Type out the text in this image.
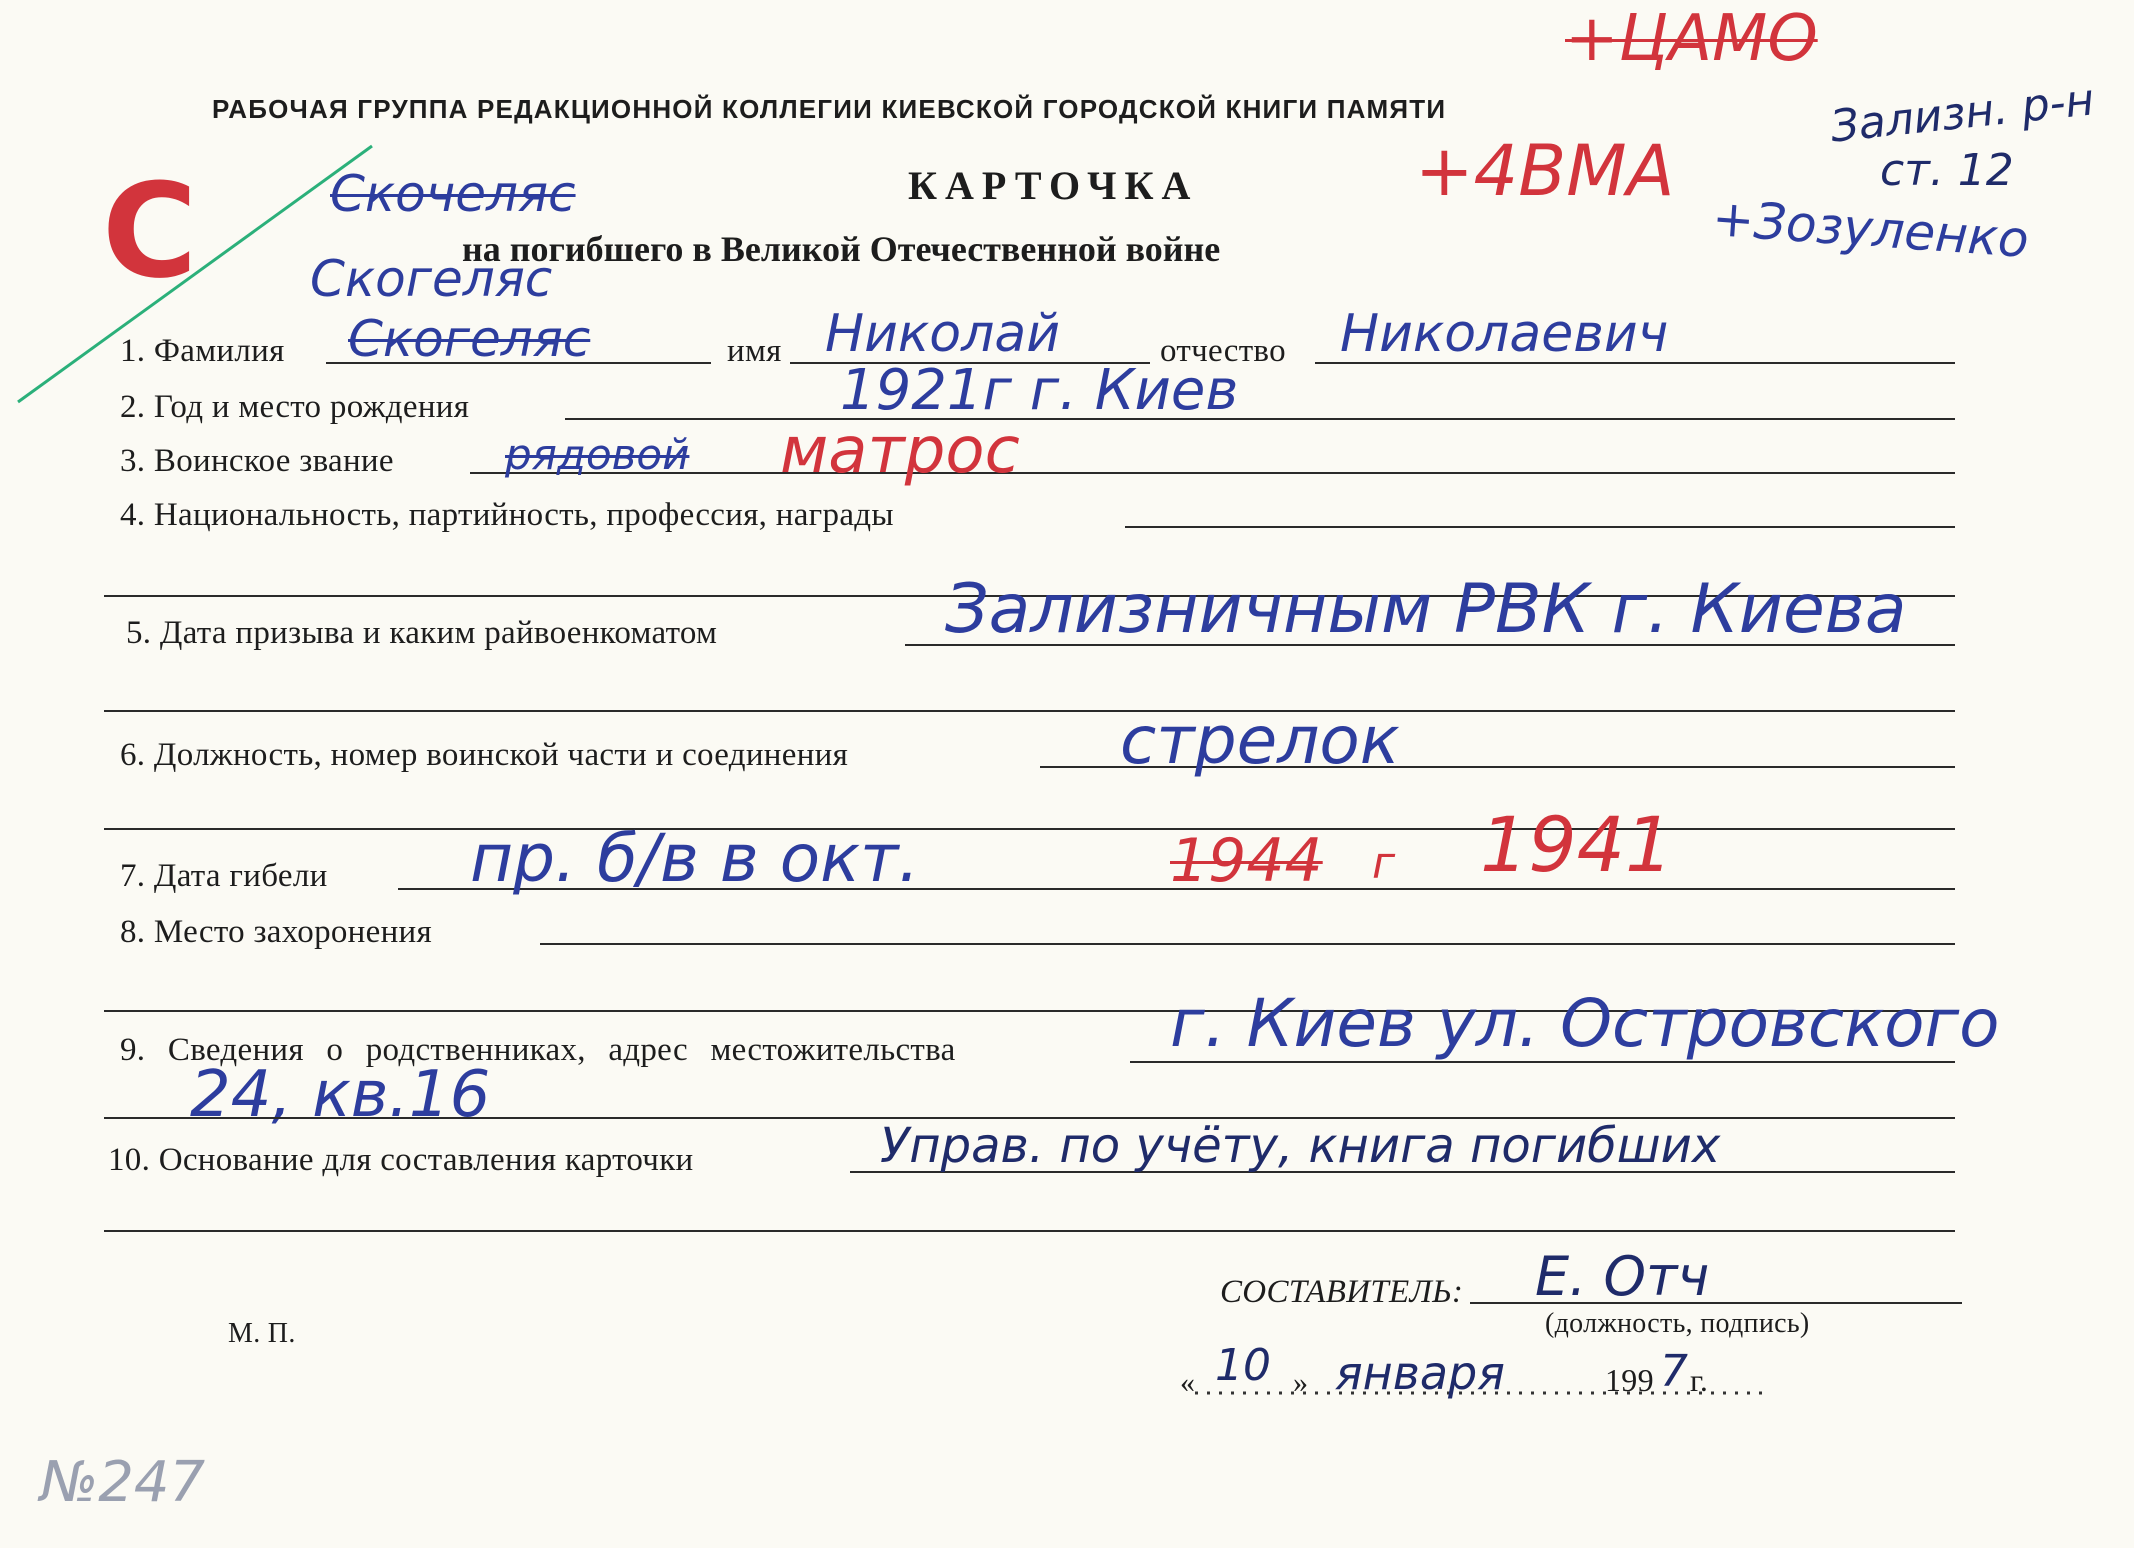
РАБОЧАЯ ГРУППА РЕДАКЦИОННОЙ КОЛЛЕГИИ КИЕВСКОЙ ГОРОДСКОЙ КНИГИ ПАМЯТИ
КАРТОЧКА
на погибшего в Великой Отечественной войне
+ЦАМО
+4ВМА
+Зозуленко
Зализн. р-н
ст. 12
С	Скочеляс
Скогеляс
1. Фамилия Скогеляс	имя Николай	отчество Николаевич
2. Год и место рождения	1921г г. Киев
3. Воинское звание	рядовой матрос
4. Национальность, партийность, профессия, награды
5. Дата призыва и каким райвоенкоматом	Зализничным РВК г. Киева
6. Должность, номер воинской части и соединения	стрелок
7. Дата гибели пр. б/в в окт.	1944 г 1941
8. Место захоронения
9. Сведения о родственниках, адрес местожительства	г. Киев ул. Островского
24, кв.16
10. Основание для составления карточки	Управ. по учёту, книга погибших
СОСТАВИТЕЛЬ: Е. Отч
(должность, подпись)
М. П.
« 10 » января	199 7 г.
№247
